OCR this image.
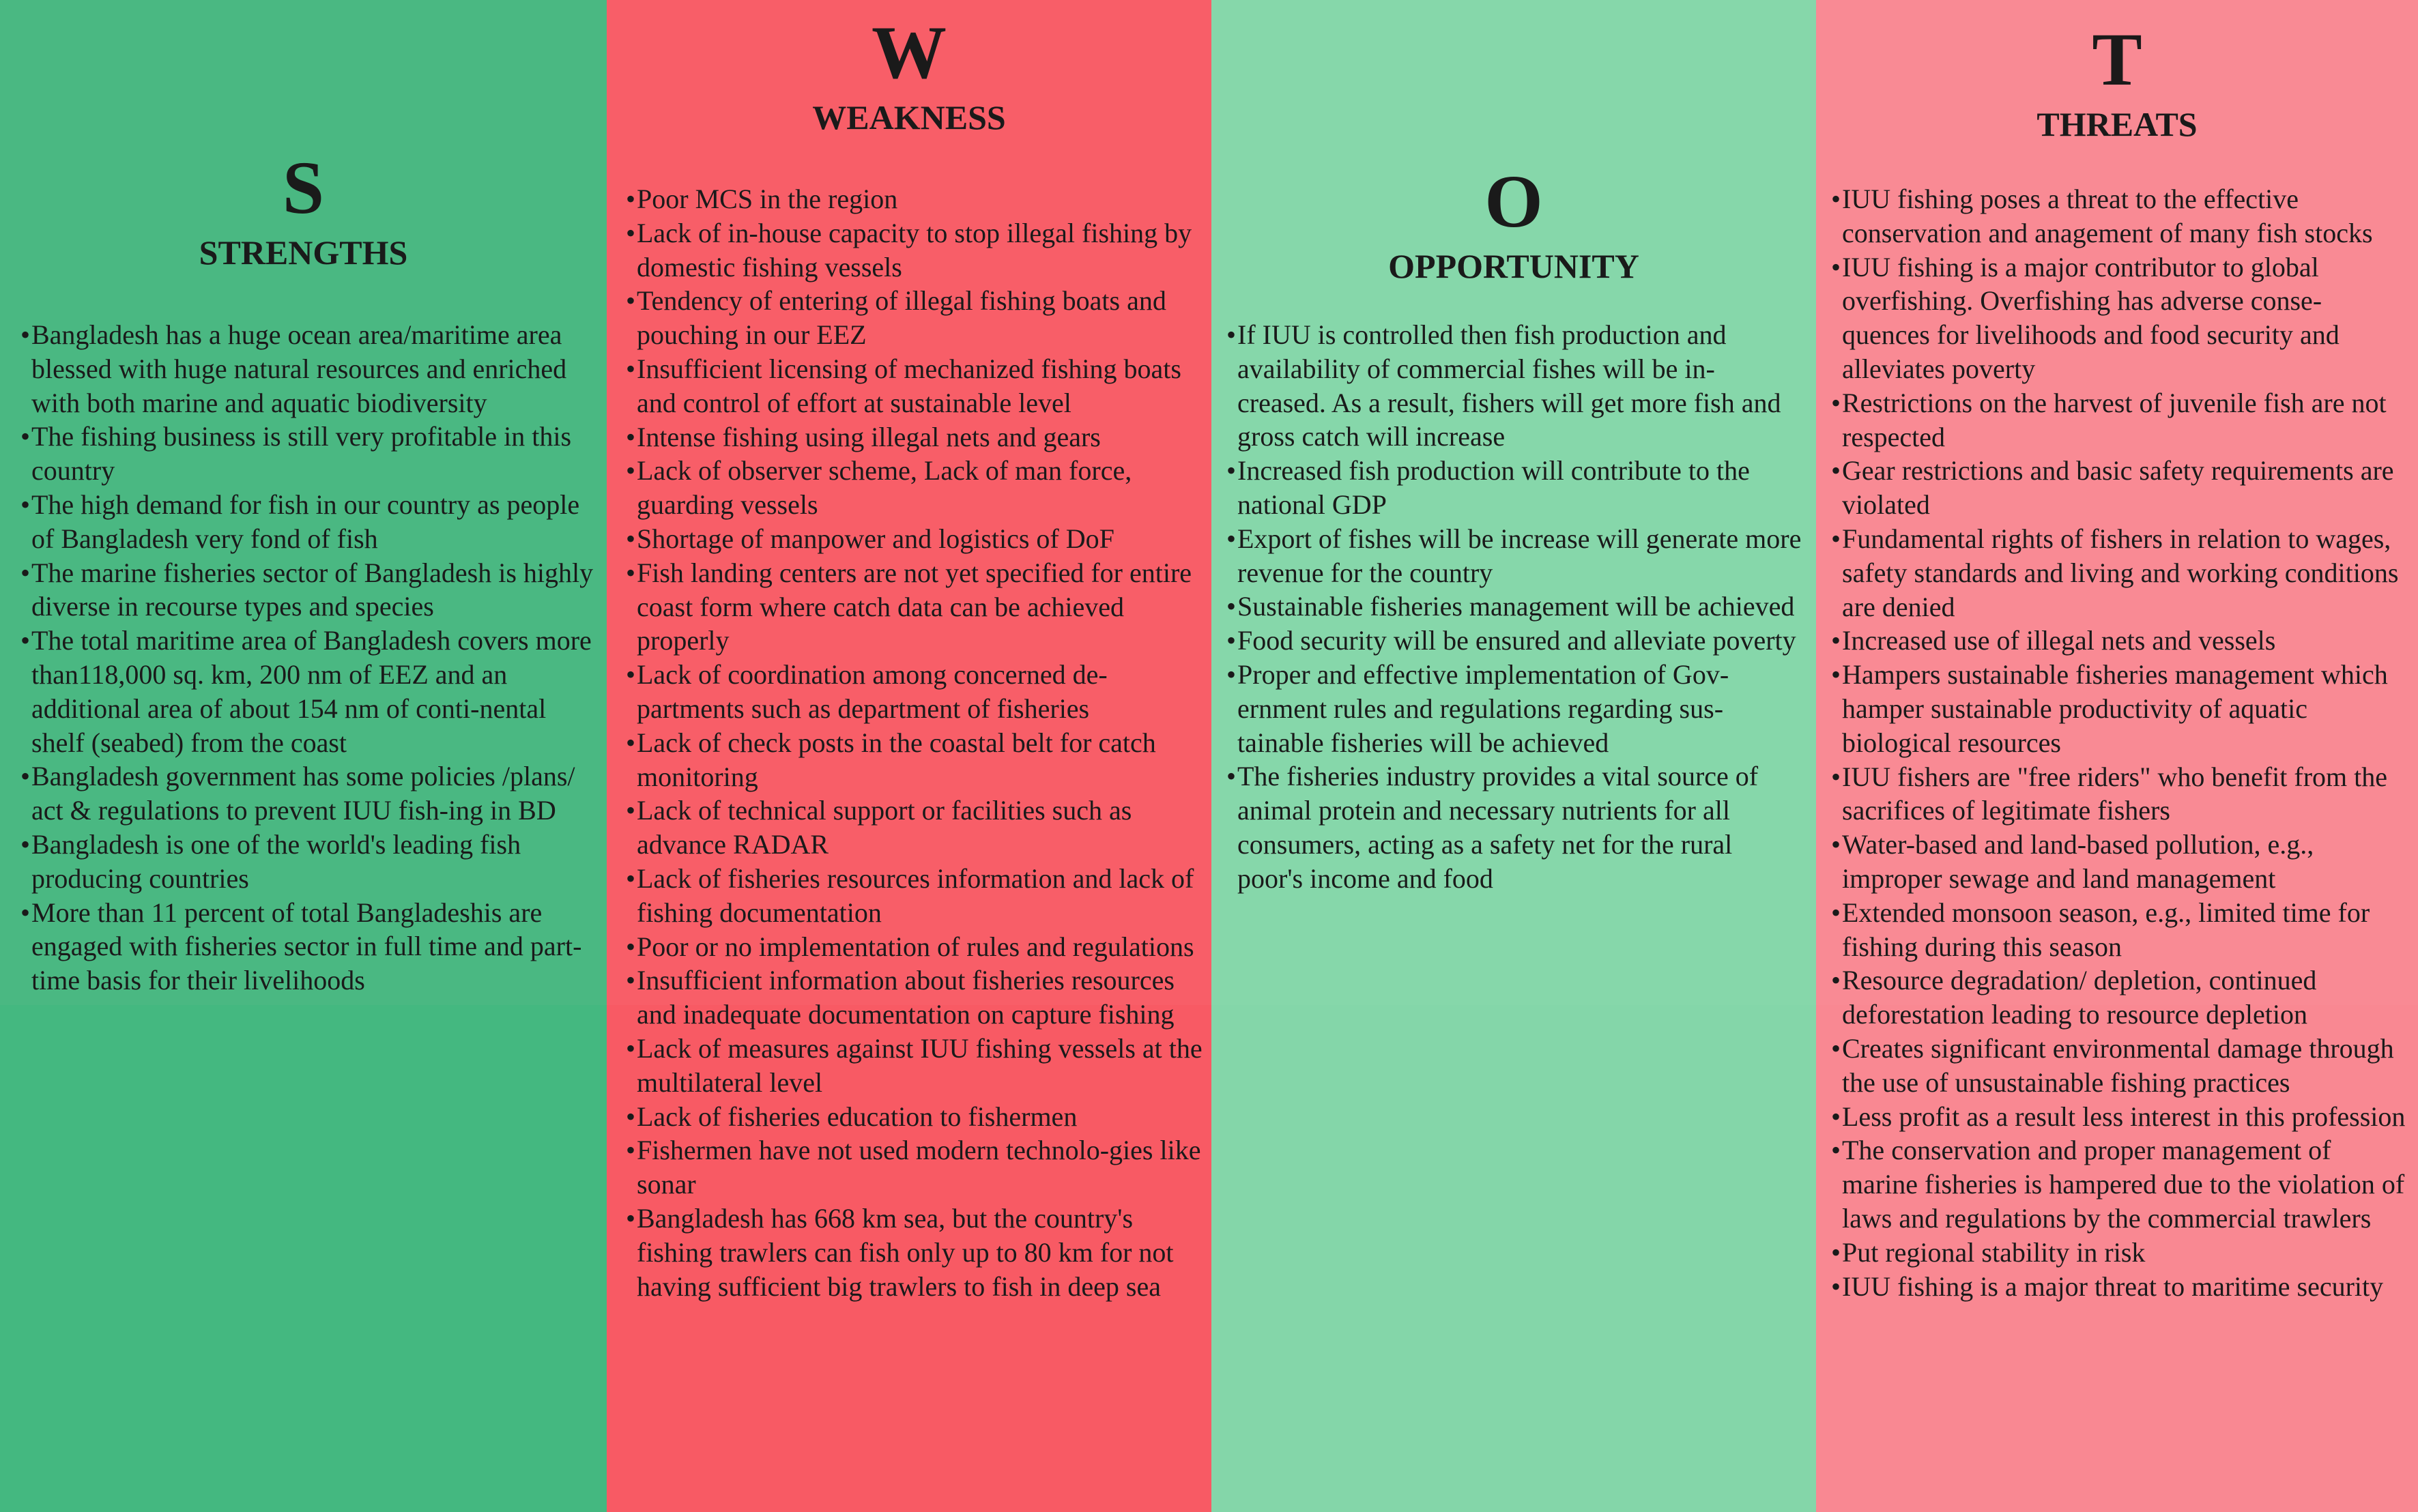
S
STRENGTHS
• Bangladesh has a huge ocean area/maritime area blessed with huge natural resources and enriched with both marine and aquatic biodiversity
• The fishing business is still very profitable in this country
• The high demand for fish in our country as people of Bangladesh very fond of fish
• The marine fisheries sector of Bangladesh is highly diverse in recourse types and species
• The total maritime area of Bangladesh covers more than118,000 sq. km, 200 nm of EEZ and an additional area of about 154 nm of conti-nental shelf (seabed) from the coast
• Bangladesh government has some policies /plans/ act & regulations to prevent IUU fish-ing in BD
• Bangladesh is one of the world's leading fish producing countries
• More than 11 percent of total Bangladeshis are engaged with fisheries sector in full time and part-time basis for their livelihoods
W
WEAKNESS
• Poor MCS in the region
• Lack of in-house capacity to stop illegal fishing by domestic fishing vessels
• Tendency of entering of illegal fishing boats and pouching in our EEZ
• Insufficient licensing of mechanized fishing boats and control of effort at sustainable level
• Intense fishing using illegal nets and gears
• Lack of observer scheme, Lack of man force, guarding vessels
• Shortage of manpower and logistics of DoF
• Fish landing centers are not yet specified for entire coast form where catch data can be achieved properly
• Lack of coordination among concerned de-partments such as department of fisheries
• Lack of check posts in the coastal belt for catch monitoring
• Lack of technical support or facilities such as advance RADAR
• Lack of fisheries resources information and lack of fishing documentation
• Poor or no implementation of rules and regulations
• Insufficient information about fisheries resources and inadequate documentation on capture fishing
• Lack of measures against IUU fishing vessels at the multilateral level
• Lack of fisheries education to fishermen
• Fishermen have not used modern technolo-gies like sonar
• Bangladesh has 668 km sea, but the country's fishing trawlers can fish only up to 80 km for not having sufficient big trawlers to fish in deep sea
O
OPPORTUNITY
• If IUU is controlled then fish production and availability of commercial fishes will be in-creased. As a result, fishers will get more fish and gross catch will increase
• Increased fish production will contribute to the national GDP
• Export of fishes will be increase will generate more revenue for the country
• Sustainable fisheries management will be achieved
• Food security will be ensured and alleviate poverty
• Proper and effective implementation of Gov-ernment rules and regulations regarding sus-tainable fisheries will be achieved
• The fisheries industry provides a vital source of animal protein and necessary nutrients for all consumers, acting as a safety net for the rural poor's income and food
T
THREATS
• IUU fishing poses a threat to the effective conservation and anagement of many fish stocks
• IUU fishing is a major contributor to global overfishing. Overfishing has adverse conse-quences for livelihoods and food security and alleviates poverty
• Restrictions on the harvest of juvenile fish are not respected
• Gear restrictions and basic safety requirements are violated
• Fundamental rights of fishers in relation to wages, safety standards and living and working conditions are denied
• Increased use of illegal nets and vessels
• Hampers sustainable fisheries management which hamper sustainable productivity of aquatic biological resources
• IUU fishers are "free riders" who benefit from the sacrifices of legitimate fishers
• Water-based and land-based pollution, e.g., improper sewage and land management
• Extended monsoon season, e.g., limited time for fishing during this season
• Resource degradation/ depletion, continued deforestation leading to resource depletion
• Creates significant environmental damage through the use of unsustainable fishing practices
• Less profit as a result less interest in this profession
• The conservation and proper management of marine fisheries is hampered due to the violation of laws and regulations by the commercial trawlers
• Put regional stability in risk
• IUU fishing is a major threat to maritime security
